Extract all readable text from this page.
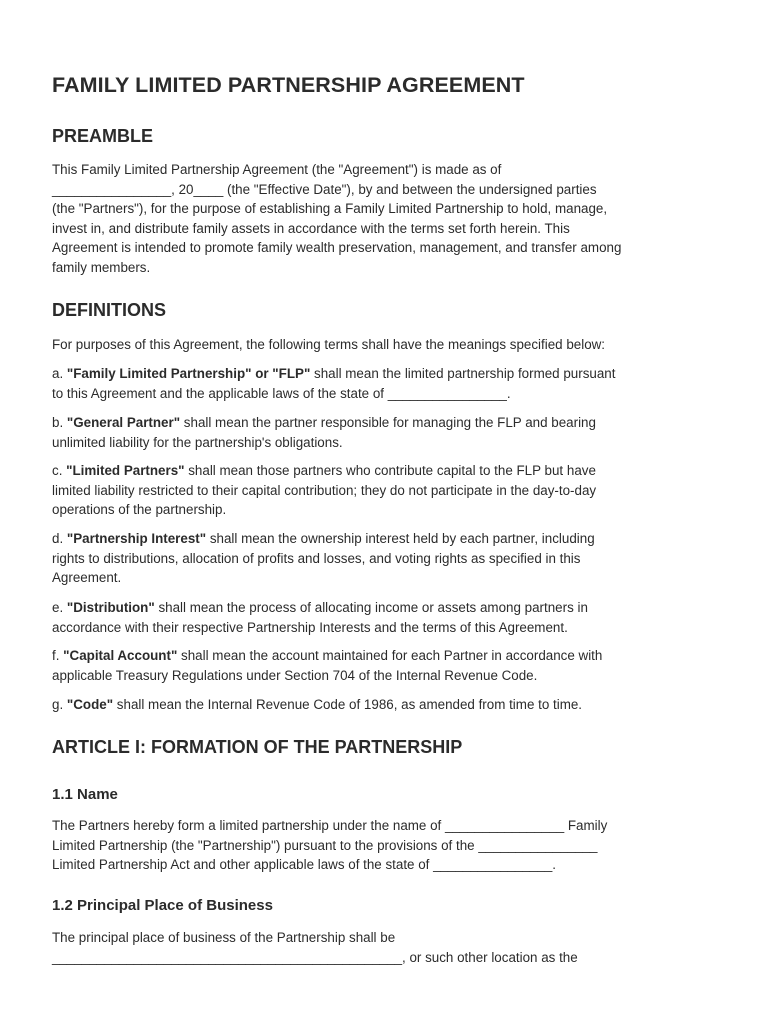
FAMILY LIMITED PARTNERSHIP AGREEMENT
PREAMBLE

This Family Limited Partnership Agreement (the "Agreement") is made as of
________________, 20____ (the "Effective Date"), by and between the undersigned parties
(the "Partners"), for the purpose of establishing a Family Limited Partnership to hold, manage,
invest in, and distribute family assets in accordance with the terms set forth herein. This
Agreement is intended to promote family wealth preservation, management, and transfer among
family members.

DEFINITIONS

For purposes of this Agreement, the following terms shall have the meanings specified below:

a. "Family Limited Partnership" or "FLP" shall mean the limited partnership formed pursuant
to this Agreement and the applicable laws of the state of ________________.

b. "General Partner" shall mean the partner responsible for managing the FLP and bearing
unlimited liability for the partnership's obligations.

c. "Limited Partners" shall mean those partners who contribute capital to the FLP but have
limited liability restricted to their capital contribution; they do not participate in the day-to-day
operations of the partnership.

d. "Partnership Interest" shall mean the ownership interest held by each partner, including
rights to distributions, allocation of profits and losses, and voting rights as specified in this
Agreement.

e. "Distribution" shall mean the process of allocating income or assets among partners in
accordance with their respective Partnership Interests and the terms of this Agreement.

f. "Capital Account" shall mean the account maintained for each Partner in accordance with
applicable Treasury Regulations under Section 704 of the Internal Revenue Code.

g. "Code" shall mean the Internal Revenue Code of 1986, as amended from time to time.

ARTICLE I: FORMATION OF THE PARTNERSHIP
1.1 Name

The Partners hereby form a limited partnership under the name of ________________ Family
Limited Partnership (the "Partnership") pursuant to the provisions of the ________________
Limited Partnership Act and other applicable laws of the state of ________________.

1.2 Principal Place of Business

The principal place of business of the Partnership shall be
_______________________________________________, or such other location as the
